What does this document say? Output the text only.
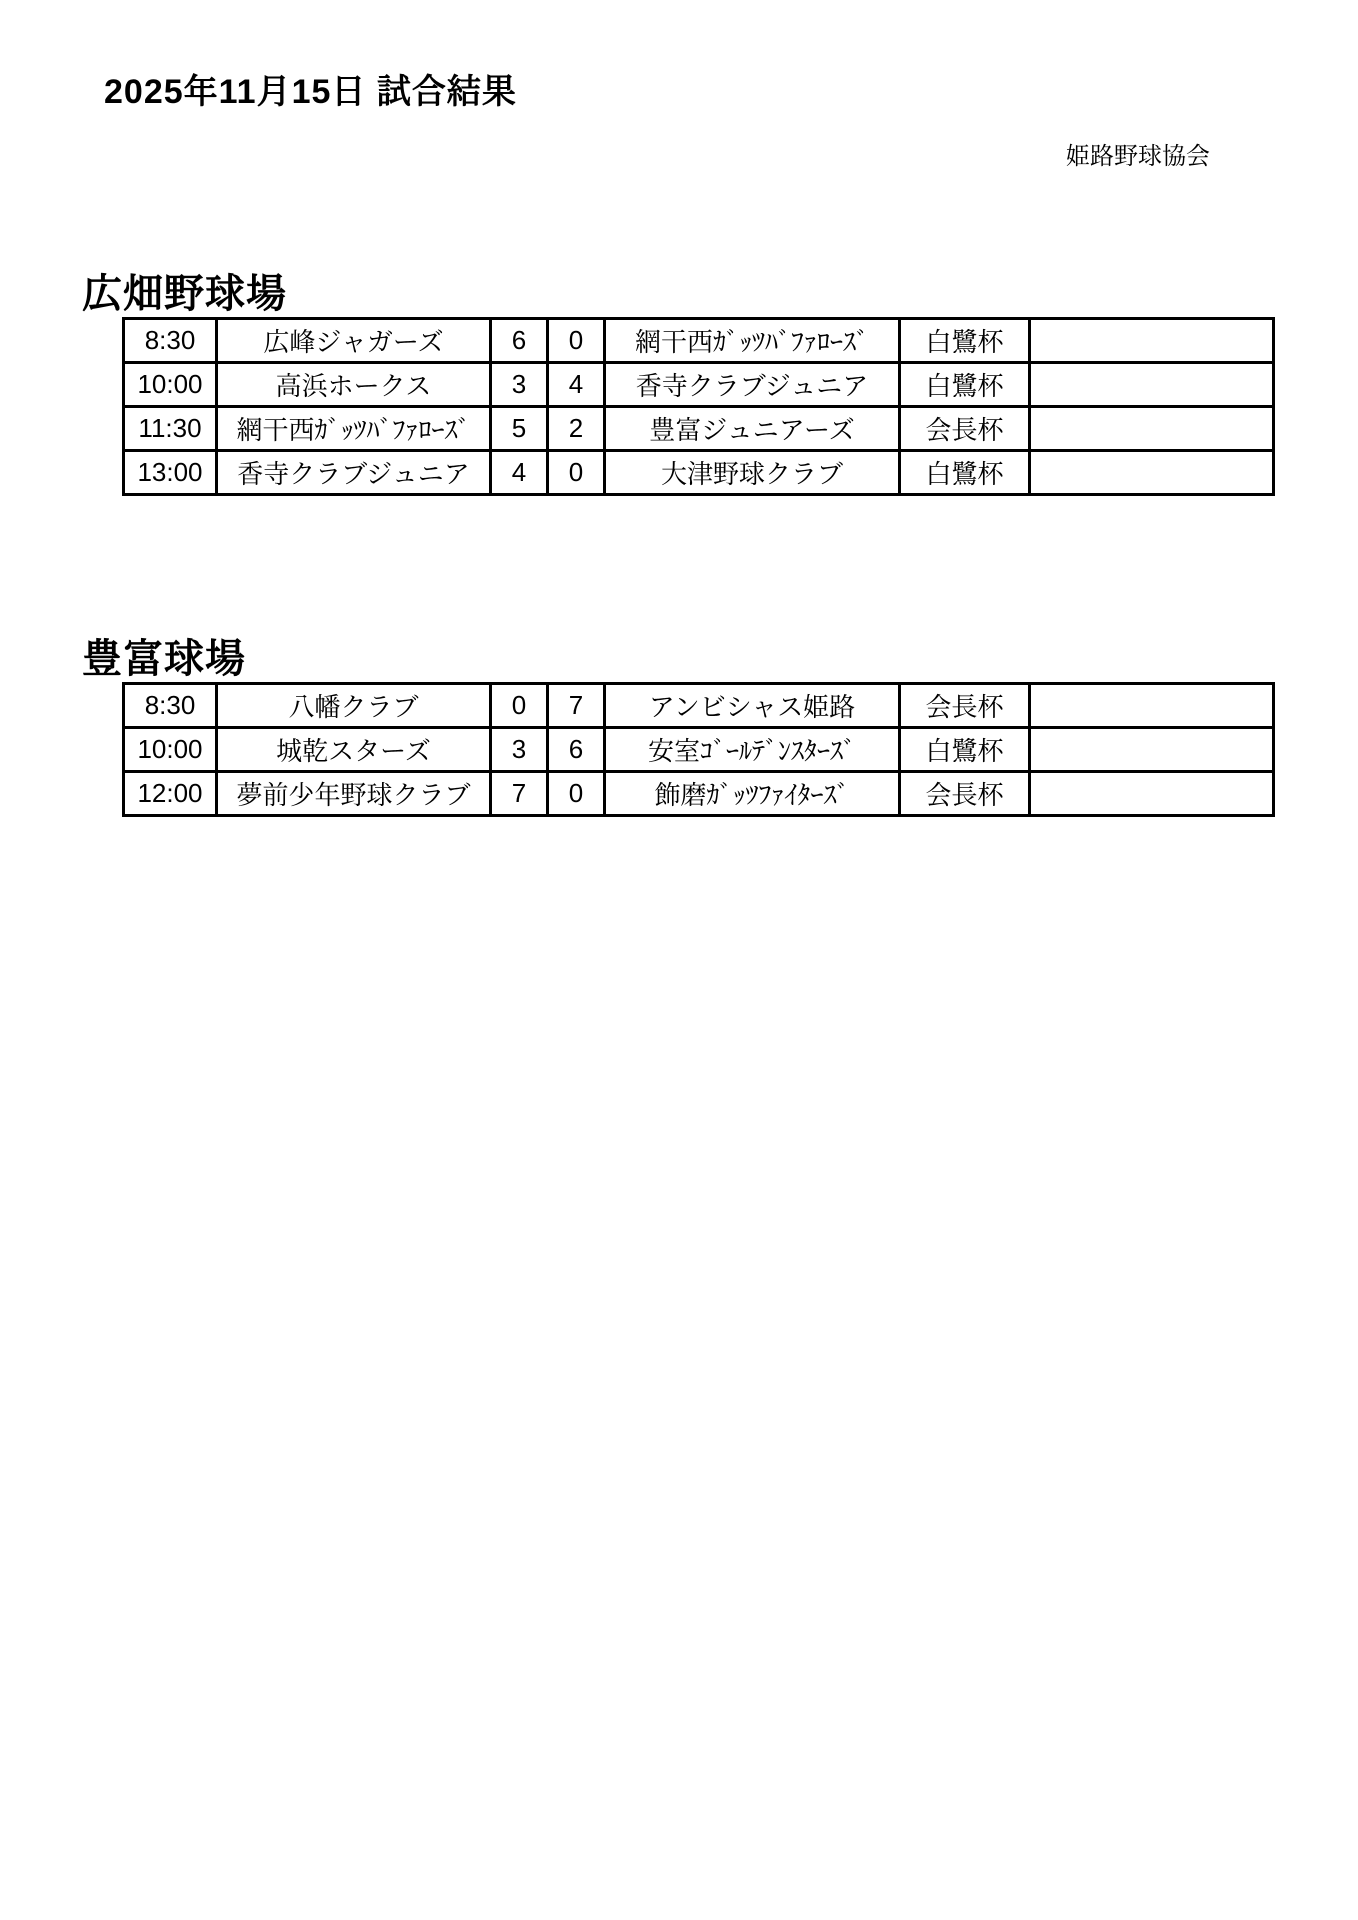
2025年11月15日 試合結果
姫路野球協会
広畑野球場
8:30	広峰ジャガーズ	6	0	網干西ｶﾞｯﾂﾊﾞﾌｧﾛｰｽﾞ	白鷺杯	
10:00	高浜ホークス	3	4	香寺クラブジュニア	白鷺杯	
11:30	網干西ｶﾞｯﾂﾊﾞﾌｧﾛｰｽﾞ	5	2	豊富ジュニアーズ	会長杯	
13:00	香寺クラブジュニア	4	0	大津野球クラブ	白鷺杯	
豊富球場
8:30	八幡クラブ	0	7	アンビシャス姫路	会長杯	
10:00	城乾スターズ	3	6	安室ｺﾞｰﾙﾃﾞﾝｽﾀｰｽﾞ	白鷺杯	
12:00	夢前少年野球クラブ	7	0	飾磨ｶﾞｯﾂﾌｧｲﾀｰｽﾞ	会長杯	
